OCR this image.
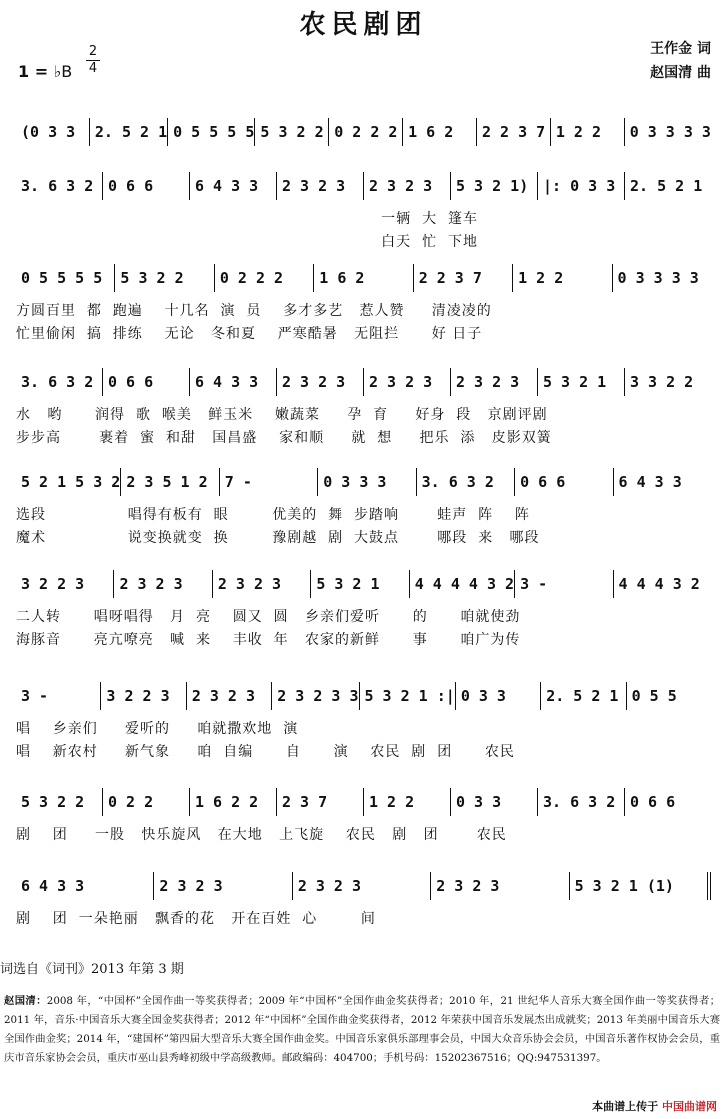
农民剧团
1 = ♭B
2
4
王作金 词
赵国清 曲
(0 3 3	2. 5 2 1 0 5 5 5 5 5 3 2 2 0 2 2 2 1 6 2	2 2 3 7 1 2 2	0 3 3 3 3
3. 6 3 2 0 6 6	6 4 3 3	2 3 2 3	2 3 2 3	5 3 2 1) |: 0 3 3 2. 5 2 1
一辆  大  篷车
白天  忙  下地
0 5 5 5 5	5 3 2 2	0 2 2 2	1 6 2	2 2 3 7	1 2 2	0 3 3 3 3
方圆百里  都  跑遍    十几名  演  员    多才多艺   惹人赞     清凌凌的
忙里偷闲  搞  排练    无论   冬和夏    严寒酷暑   无阻拦      好 日子
3. 6 3 2 0 6 6	6 4 3 3	2 3 2 3	2 3 2 3	2 3 2 3	5 3 2 1	3 3 2 2
水   哟      润得  歌  喉美   鲜玉米    嫩蔬菜     孕  育     好身  段   京剧评剧
步步高       裹着  蜜  和甜   国昌盛    家和顺     就  想     把乐  添   皮影双簧
5 2 1 5 3 2 2 3 5 1 2	7 -	0 3 3 3	3. 6 3 2	0 6 6	6 4 3 3
选段               唱得有板有  眼        优美的  舞  步踏响       蛙声  阵    阵
魔术               说变换就变  换        豫剧越  剧  大鼓点       哪段  来   哪段
3 2 2 3	2 3 2 3	2 3 2 3	5 3 2 1	4 4 4 4 3 2 3 -	4 4 4 3 2
二人转      唱呀唱得   月  亮    圆又  圆   乡亲们爱听      的      咱就使劲
海豚音      亮亢嘹亮   喊  来    丰收  年   农家的新鲜      事      咱广为传
3 -	3 2 2 3	2 3 2 3	2 3 2 3 3 5 3 2 1 :| 0 3 3	2. 5 2 1 0 5 5
唱    乡亲们     爱听的     咱就撒欢地  演
唱    新农村     新气象     咱  自编      自      演    农民  剧  团      农民
5 3 2 2	0 2 2	1 6 2 2	2 3 7	1 2 2	0 3 3	3. 6 3 2 0 6 6
剧    团     一股   快乐旋风   在大地   上飞旋    农民   剧   团       农民
6 4 3 3	2 3 2 3	2 3 2 3	2 3 2 3	5 3 2 1 (1)
剧    团  一朵艳丽   飘香的花   开在百姓  心        间
词选自《词刊》2013 年第 3 期
赵国清：2008 年，“中国杯”全国作曲一等奖获得者；2009 年“中国杯”全国作曲金奖获得者；2010 年，21 世纪华人音乐大赛全国作曲一等奖获得者；2011 年，音乐·中国音乐大赛全国金奖获得者；2012 年“中国杯”全国作曲金奖获得者，2012 年荣获中国音乐发展杰出成就奖；2013 年美丽中国音乐大赛全国作曲金奖；2014 年，“建国杯”第四届大型音乐大赛全国作曲金奖。中国音乐家俱乐部理事会员，中国大众音乐协会会员，中国音乐著作权协会会员，重庆市音乐家协会会员，重庆市巫山县秀峰初级中学高级教师。邮政编码：404700；手机号码：15202367516；QQ:947531397。
本曲谱上传于 中国曲谱网
